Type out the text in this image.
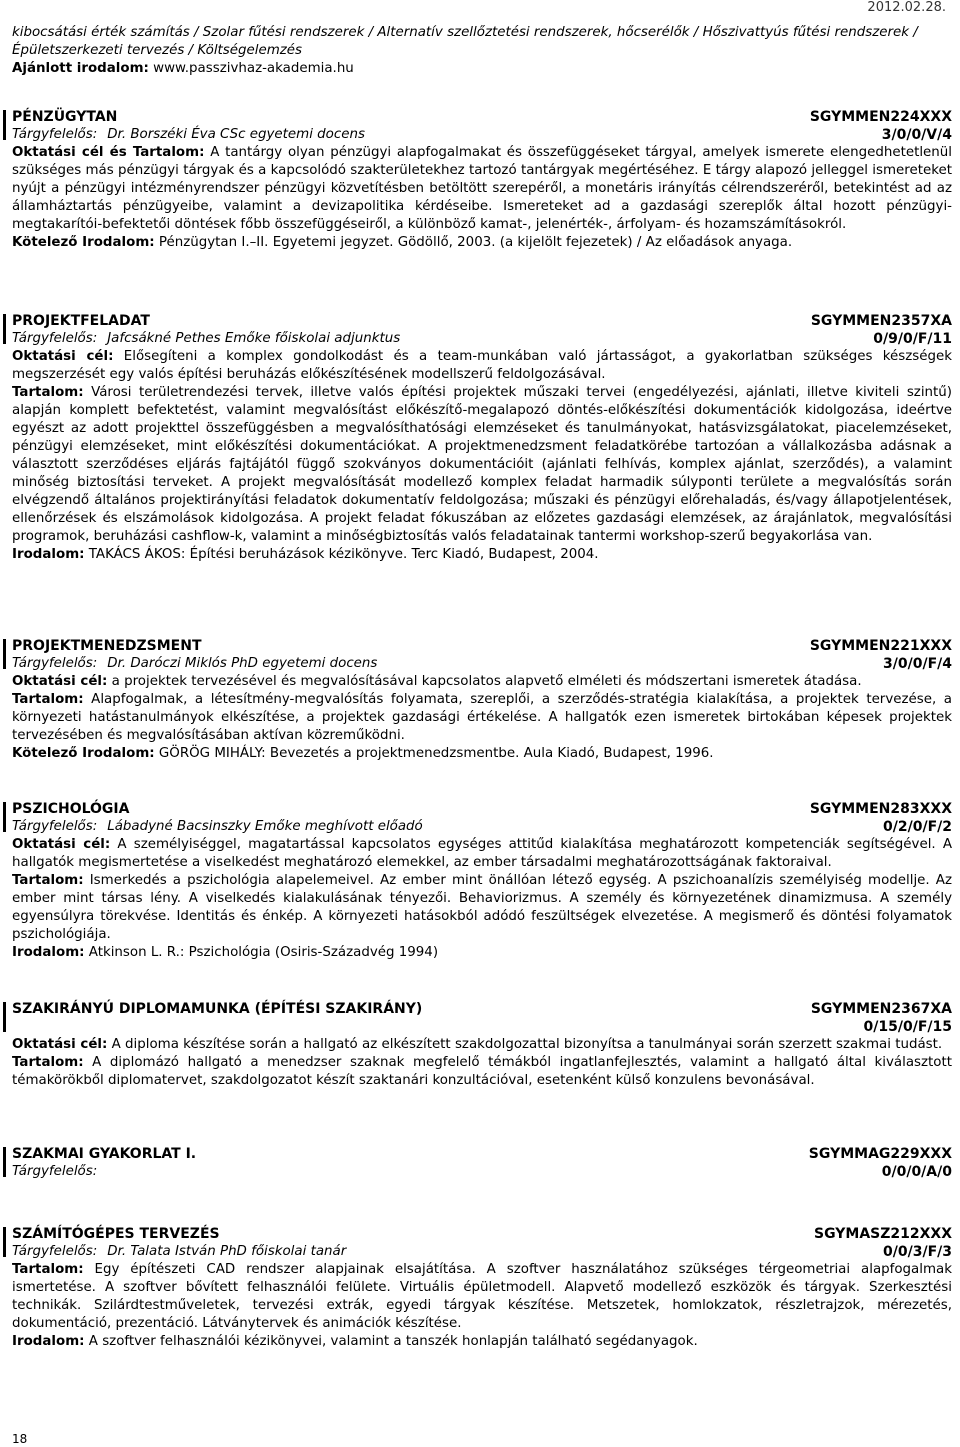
2012.02.28.
kibocsátási érték számítás / Szolar fűtési rendszerek / Alternatív szellőztetési rendszerek, hőcserélők / Hőszivattyús fűtési rendszerek / Épületszerkezeti tervezés / Költségelemzés
Ajánlott irodalom: www.passzivhaz-akademia.hu
PÉNZÜGYTAN	SGYMMEN224XXX
Tárgyfelelős: Dr. Borszéki Éva CSc egyetemi docens	3/0/0/V/4
Oktatási cél és Tartalom: A tantárgy olyan pénzügyi alapfogalmakat és összefüggéseket tárgyal, amelyek ismerete elengedhetetlenül szükséges más pénzügyi tárgyak és a kapcsolódó szakterületekhez tartozó tantárgyak megértéséhez. E tárgy alapozó jelleggel ismereteket nyújt a pénzügyi intézményrendszer pénzügyi közvetítésben betöltött szerepéről, a monetáris irányítás célrendszeréről, betekintést ad az államháztartás pénzügyeibe, valamint a devizapolitika kérdéseibe. Ismereteket ad a gazdasági szereplők által hozott pénzügyi-megtakarítói-befektetői döntések főbb összefüggéseiről, a különböző kamat-, jelenérték-, árfolyam- és hozamszámításokról.
Kötelező Irodalom: Pénzügytan I.–II. Egyetemi jegyzet. Gödöllő, 2003. (a kijelölt fejezetek) / Az előadások anyaga.
PROJEKTFELADAT	SGYMMEN2357XA
Tárgyfelelős: Jafcsákné Pethes Emőke főiskolai adjunktus	0/9/0/F/11
Oktatási cél: Elősegíteni a komplex gondolkodást és a team-munkában való jártasságot, a gyakorlatban szükséges készségek megszerzését egy valós építési beruházás előkészítésének modellszerű feldolgozásával.
Tartalom: Városi területrendezési tervek, illetve valós építési projektek műszaki tervei (engedélyezési, ajánlati, illetve kiviteli szintű) alapján komplett befektetést, valamint megvalósítást előkészítő-megalapozó döntés-előkészítési dokumentációk kidolgozása, ideértve egyészt az adott projekttel összefüggésben a megvalósíthatósági elemzéseket és tanulmányokat, hatásvizsgálatokat, piacelemzéseket, pénzügyi elemzéseket, mint előkészítési dokumentációkat. A projektmenedzsment feladatkörébe tartozóan a vállalkozásba adásnak a választott szerződéses eljárás fajtájától függő szokványos dokumentációit (ajánlati felhívás, komplex ajánlat, szerződés), a valamint minőség biztosítási terveket. A projekt megvalósítását modellező komplex feladat harmadik súlyponti területe a megvalósítás során elvégzendő általános projektirányítási feladatok dokumentatív feldolgozása; műszaki és pénzügyi előrehaladás, és/vagy állapotjelentések, ellenőrzések és elszámolások kidolgozása. A projekt feladat fókuszában az előzetes gazdasági elemzések, az árajánlatok, megvalósítási programok, beruházási cashflow-k, valamint a minőségbiztosítás valós feladatainak tantermi workshop-szerű begyakorlása van.
Irodalom: TAKÁCS ÁKOS: Építési beruházások kézikönyve. Terc Kiadó, Budapest, 2004.
PROJEKTMENEDZSMENT	SGYMMEN221XXX
Tárgyfelelős: Dr. Daróczi Miklós PhD egyetemi docens	3/0/0/F/4
Oktatási cél: a projektek tervezésével és megvalósításával kapcsolatos alapvető elméleti és módszertani ismeretek átadása.
Tartalom: Alapfogalmak, a létesítmény-megvalósítás folyamata, szereplői, a szerződés-stratégia kialakítása, a projektek tervezése, a környezeti hatástanulmányok elkészítése, a projektek gazdasági értékelése. A hallgatók ezen ismeretek birtokában képesek projektek tervezésében és megvalósításában aktívan közreműködni.
Kötelező Irodalom: GÖRÖG MIHÁLY: Bevezetés a projektmenedzsmentbe. Aula Kiadó, Budapest, 1996.
PSZICHOLÓGIA	SGYMMEN283XXX
Tárgyfelelős: Lábadyné Bacsinszky Emőke meghívott előadó	0/2/0/F/2
Oktatási cél: A személyiséggel, magatartással kapcsolatos egységes attitűd kialakítása meghatározott kompetenciák segítségével. A hallgatók megismertetése a viselkedést meghatározó elemekkel, az ember társadalmi meghatározottságának faktoraival.
Tartalom: Ismerkedés a pszichológia alapelemeivel. Az ember mint önállóan létező egység. A pszichoanalízis személyiség modellje. Az ember mint társas lény. A viselkedés kialakulásának tényezői. Behaviorizmus. A személy és környezetének dinamizmusa. A személy egyensúlyra törekvése. Identitás és énkép. A környezeti hatásokból adódó feszültségek elvezetése. A megismerő és döntési folyamatok pszichológiája.
Irodalom: Atkinson L. R.: Pszichológia (Osiris-Századvég 1994)
SZAKIRÁNYÚ DIPLOMAMUNKA (ÉPÍTÉSI SZAKIRÁNY)	SGYMMEN2367XA
0/15/0/F/15
Oktatási cél: A diploma készítése során a hallgató az elkészített szakdolgozattal bizonyítsa a tanulmányai során szerzett szakmai tudást.
Tartalom: A diplomázó hallgató a menedzser szaknak megfelelő témákból ingatlanfejlesztés, valamint a hallgató által kiválasztott témakörökből diplomatervet, szakdolgozatot készít szaktanári konzultációval, esetenként külső konzulens bevonásával.
SZAKMAI GYAKORLAT I.	SGYMMAG229XXX
Tárgyfelelős:	0/0/0/A/0
SZÁMÍTÓGÉPES TERVEZÉS	SGYMASZ212XXX
Tárgyfelelős: Dr. Talata István PhD főiskolai tanár	0/0/3/F/3
Tartalom: Egy építészeti CAD rendszer alapjainak elsajátítása. A szoftver használatához szükséges térgeometriai alapfogalmak ismertetése. A szoftver bővített felhasználói felülete. Virtuális épületmodell. Alapvető modellező eszközök és tárgyak. Szerkesztési technikák. Szilárdtestműveletek, tervezési extrák, egyedi tárgyak készítése. Metszetek, homlokzatok, részletrajzok, mérezetés, dokumentáció, prezentáció. Látványtervek és animációk készítése.
Irodalom: A szoftver felhasználói kézikönyvei, valamint a tanszék honlapján található segédanyagok.
18
